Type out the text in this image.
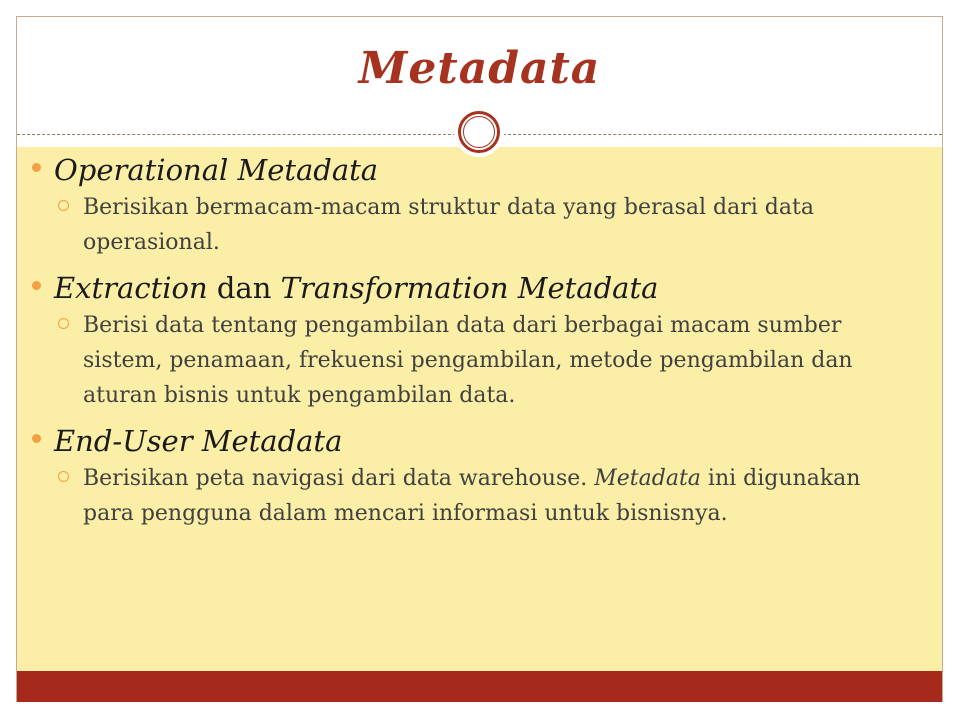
Metadata
Operational Metadata
Berisikan bermacam-macam struktur data yang berasal dari data operasional.
Extraction dan Transformation Metadata
Berisi data tentang pengambilan data dari berbagai macam sumber sistem, penamaan, frekuensi pengambilan, metode pengambilan dan aturan bisnis untuk pengambilan data.
End-User Metadata
Berisikan peta navigasi dari data warehouse. Metadata ini digunakan para pengguna dalam mencari informasi untuk bisnisnya.
